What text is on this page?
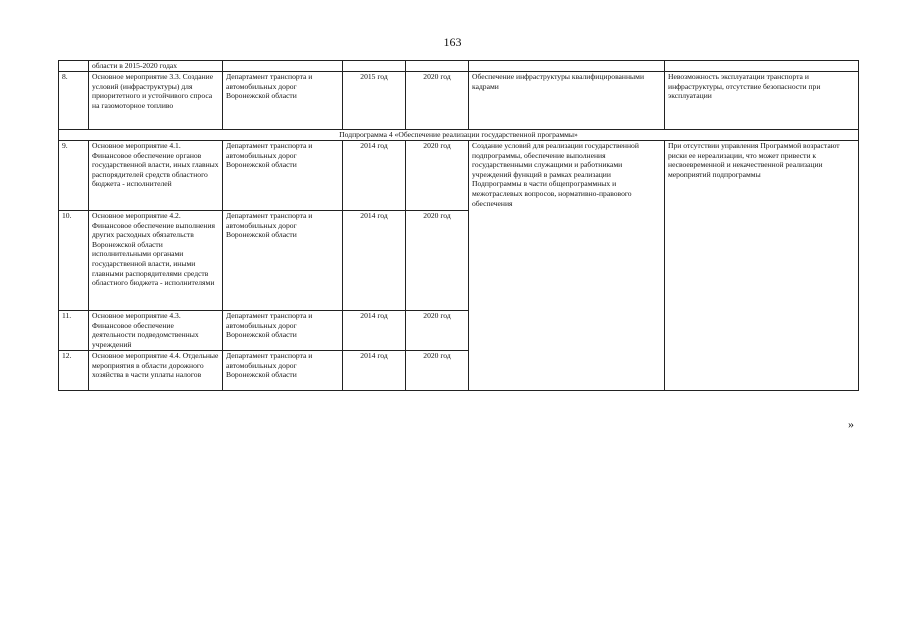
163
	области в 2015-2020 годах					
8.	Основное мероприятие 3.3. Создание условий (инфраструктуры) для приоритетного и устойчивого спроса на газомоторное топливо	Департамент транспорта и автомобильных дорог Воронежской области	2015 год	2020 год	Обеспечение инфраструктуры квалифицированными кадрами	Невозможность эксплуатации транспорта и инфраструктуры, отсутствие безопасности при эксплуатации
Подпрограмма 4 «Обеспечение реализации государственной программы»						
9.	Основное мероприятие 4.1. Финансовое обеспечение органов государственной власти, иных главных распорядителей средств областного бюджета - исполнителей	Департамент транспорта и автомобильных дорог Воронежской области	2014 год	2020 год	Создание условий для реализации государственной подпрограммы, обеспечение выполнения государственными служащими и работниками учреждений функций в рамках реализации Подпрограммы в части общепрограммных и межотраслевых вопросов, нормативно-правового обеспечения	При отсутствии управления Программой возрастают риски ее нереализации, что может привести к несвоевременной и некачественной реализации мероприятий подпрограммы
10.	Основное мероприятие 4.2. Финансовое обеспечение выполнения других расходных обязательств Воронежской области исполнительными органами государственной власти, иными главными распорядителями средств областного бюджета - исполнителями	Департамент транспорта и автомобильных дорог Воронежской области	2014 год	2020 год		
11.	Основное мероприятие 4.3. Финансовое обеспечение деятельности подведомственных учреждений	Департамент транспорта и автомобильных дорог Воронежской области	2014 год	2020 год		
12.	Основное мероприятие 4.4. Отдельные мероприятия в области дорожного хозяйства в части уплаты налогов	Департамент транспорта и автомобильных дорог Воронежской области	2014 год	2020 год		
»
